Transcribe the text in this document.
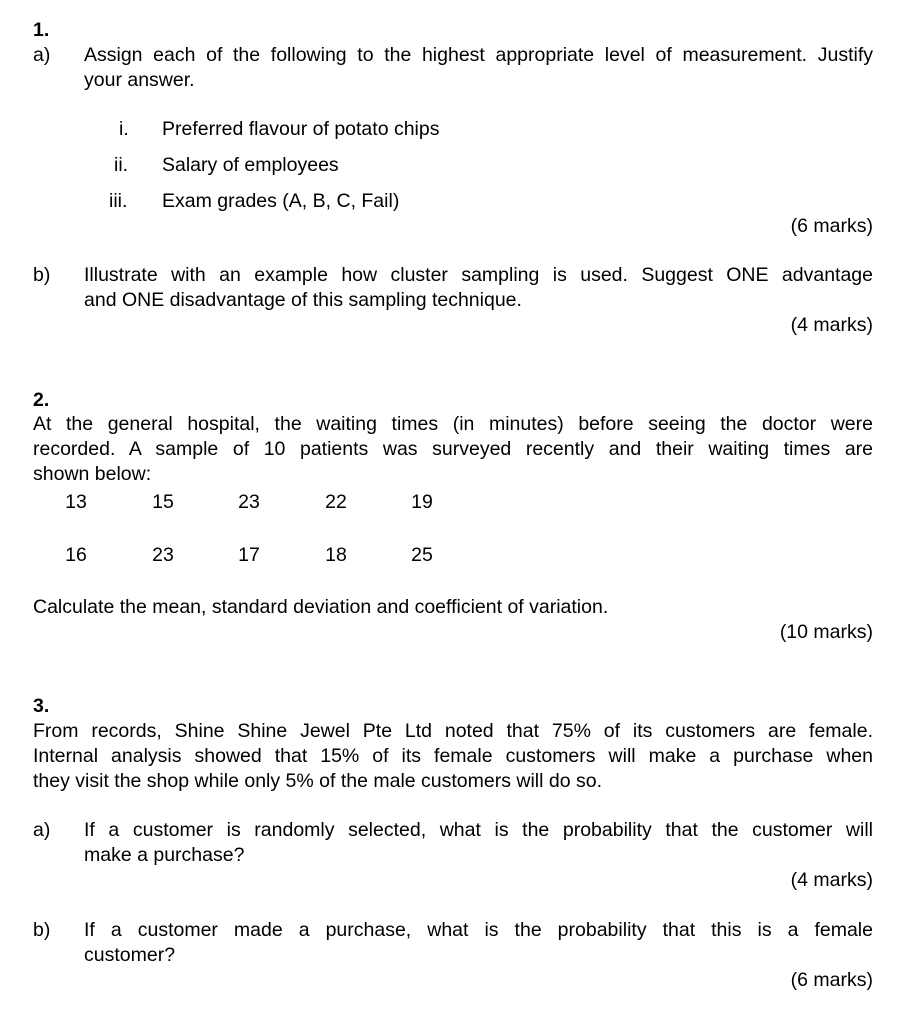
1.
a) Assign each of the following to the highest appropriate level of measurement. Justify
your answer.
i. Preferred flavour of potato chips
ii. Salary of employees
iii. Exam grades (A, B, C, Fail)
(6 marks)
b) Illustrate with an example how cluster sampling is used. Suggest ONE advantage
and ONE disadvantage of this sampling technique.
(4 marks)
2.
At the general hospital, the waiting times (in minutes) before seeing the doctor were
recorded. A sample of 10 patients was surveyed recently and their waiting times are
shown below:
13	15	23	22	19
16	23	17	18	25
Calculate the mean, standard deviation and coefficient of variation.
(10 marks)
3.
From records, Shine Shine Jewel Pte Ltd noted that 75% of its customers are female.
Internal analysis showed that 15% of its female customers will make a purchase when
they visit the shop while only 5% of the male customers will do so.
a) If a customer is randomly selected, what is the probability that the customer will
make a purchase?
(4 marks)
b) If a customer made a purchase, what is the probability that this is a female
customer?
(6 marks)
